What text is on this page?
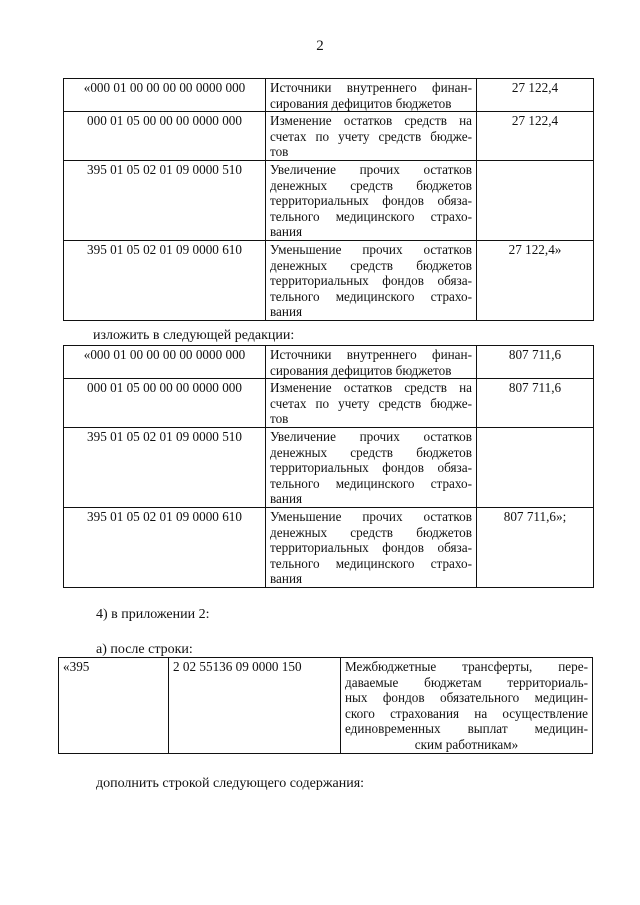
2
«000 01 00 00 00 00 0000 000	Источники внутреннего финан-
сирования дефицитов бюджетов	27 122,4
000 01 05 00 00 00 0000 000	Изменение остатков средств на
счетах по учету средств бюдже-
тов	27 122,4
395 01 05 02 01 09 0000 510	Увеличение прочих остатков
денежных средств бюджетов
территориальных фондов обяза-
тельного медицинского страхо-
вания	

395 01 05 02 01 09 0000 610	Уменьшение прочих остатков
денежных средств бюджетов
территориальных фондов обяза-
тельного медицинского страхо-
вания	27 122,4»
изложить в следующей редакции:
«000 01 00 00 00 00 0000 000	Источники внутреннего финан-
сирования дефицитов бюджетов	807 711,6
000 01 05 00 00 00 0000 000	Изменение остатков средств на
счетах по учету средств бюдже-
тов	807 711,6
395 01 05 02 01 09 0000 510	Увеличение прочих остатков
денежных средств бюджетов
территориальных фондов обяза-
тельного медицинского страхо-
вания	

395 01 05 02 01 09 0000 610	Уменьшение прочих остатков
денежных средств бюджетов
территориальных фондов обяза-
тельного медицинского страхо-
вания	807 711,6»;
4) в приложении 2:
а) после строки:
«395	2 02 55136 09 0000 150	Межбюджетные трансферты, пере-
даваемые бюджетам территориаль-
ных фондов обязательного медицин-
ского страхования на осуществление
единовременных выплат медицин-
ским работникам»
дополнить строкой следующего содержания:
